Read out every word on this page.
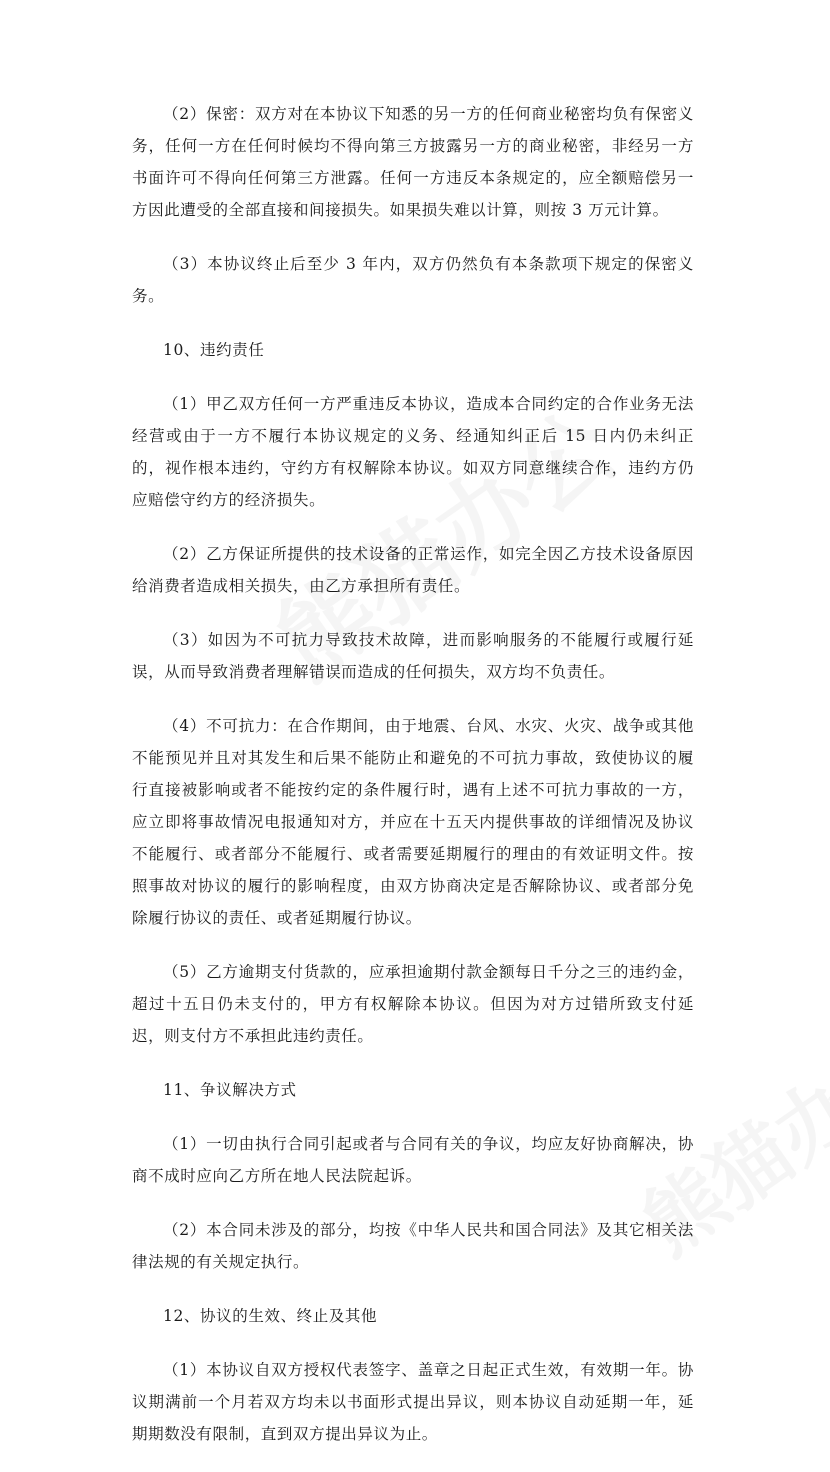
（2）保密：双方对在本协议下知悉的另一方的任何商业秘密均负有保密义务，任何一方在任何时候均不得向第三方披露另一方的商业秘密，非经另一方书面许可不得向任何第三方泄露。任何一方违反本条规定的，应全额赔偿另一方因此遭受的全部直接和间接损失。如果损失难以计算，则按 3 万元计算。

（3）本协议终止后至少 3 年内，双方仍然负有本条款项下规定的保密义务。

10、违约责任

（1）甲乙双方任何一方严重违反本协议，造成本合同约定的合作业务无法经营或由于一方不履行本协议规定的义务、经通知纠正后 15 日内仍未纠正的，视作根本违约，守约方有权解除本协议。如双方同意继续合作，违约方仍应赔偿守约方的经济损失。

（2）乙方保证所提供的技术设备的正常运作，如完全因乙方技术设备原因给消费者造成相关损失，由乙方承担所有责任。

（3）如因为不可抗力导致技术故障，进而影响服务的不能履行或履行延误，从而导致消费者理解错误而造成的任何损失，双方均不负责任。

（4）不可抗力：在合作期间，由于地震、台风、水灾、火灾、战争或其他不能预见并且对其发生和后果不能防止和避免的不可抗力事故，致使协议的履行直接被影响或者不能按约定的条件履行时，遇有上述不可抗力事故的一方，应立即将事故情况电报通知对方，并应在十五天内提供事故的详细情况及协议不能履行、或者部分不能履行、或者需要延期履行的理由的有效证明文件。按照事故对协议的履行的影响程度，由双方协商决定是否解除协议、或者部分免除履行协议的责任、或者延期履行协议。

（5）乙方逾期支付货款的，应承担逾期付款金额每日千分之三的违约金，超过十五日仍未支付的，甲方有权解除本协议。但因为对方过错所致支付延迟，则支付方不承担此违约责任。

11、争议解决方式

（1）一切由执行合同引起或者与合同有关的争议，均应友好协商解决，协商不成时应向乙方所在地人民法院起诉。

（2）本合同未涉及的部分，均按《中华人民共和国合同法》及其它相关法律法规的有关规定执行。

12、协议的生效、终止及其他

（1）本协议自双方授权代表签字、盖章之日起正式生效，有效期一年。协议期满前一个月若双方均未以书面形式提出异议，则本协议自动延期一年，延期期数没有限制，直到双方提出异议为止。
